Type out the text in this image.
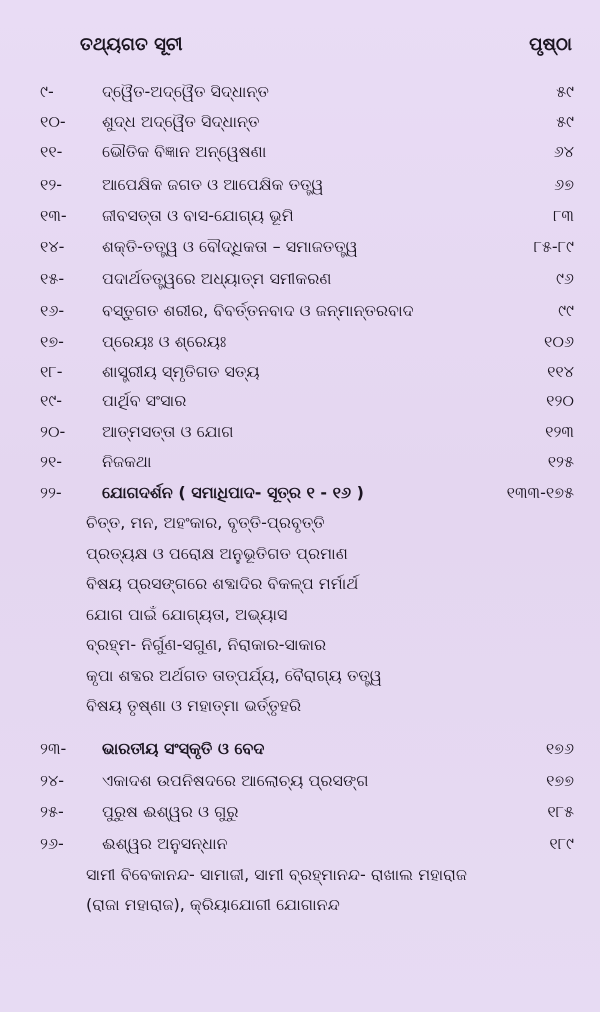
ତଥ୍ୟଗତ ସୂଚୀ	ପୃଷ୍ଠା
୯-	ଦ୍ୱୈତ-ଅଦ୍ୱୈତ ସିଦ୍ଧାନ୍ତ	୫୯
୧୦-	ଶୁଦ୍ଧ ଅଦ୍ୱୈତ ସିଦ୍ଧାନ୍ତ	୫୯
୧୧-	ଭୌତିକ ବିଜ୍ଞାନ ଅନ୍ୱେଷଣା	୬୪
୧୨-	ଆପେକ୍ଷିକ ଜଗତ ଓ ଆପେକ୍ଷିକ ତତ୍ତ୍ୱ	୬୭
୧୩-	ଜୀବସତ୍ତା ଓ ବାସ-ଯୋଗ୍ୟ ଭୂମି	୮୩
୧୪-	ଶକ୍ତି-ତତ୍ତ୍ୱ ଓ ବୌଦ୍ଧିକତା – ସମାଜତତ୍ତ୍ୱ	୮୫-୮୯
୧୫-	ପଦାର୍ଥତତ୍ତ୍ୱରେ ଅଧ୍ୟାତ୍ମ ସମୀକରଣ	୯୬
୧୬-	ବସ୍ତୁଗତ ଶରୀର, ବିବର୍ତ୍ତନବାଦ ଓ ଜନ୍ମାନ୍ତରବାଦ	୯୯
୧୭-	ପ୍ରେୟଃ ଓ ଶ୍ରେୟଃ	୧୦୬
୧୮-	ଶାସ୍ତ୍ରୀୟ ସ୍ମୃତିଗତ ସତ୍ୟ	୧୧୪
୧୯-	ପାର୍ଥିବ ସଂସାର	୧୨୦
୨୦-	ଆତ୍ମସତ୍ତା ଓ ଯୋଗ	୧୨୩
୨୧-	ନିଜକଥା	୧୨୫
୨୨-	ଯୋଗଦର୍ଶନ ( ସମାଧିପାଦ- ସୂତ୍ର ୧ - ୧୬ )	୧୩୩-୧୭୫
ଚିତ୍ତ, ମନ, ଅହଂକାର, ବୃତ୍ତି-ପ୍ରବୃତ୍ତି
ପ୍ରତ୍ୟକ୍ଷ ଓ ପରୋକ୍ଷ ଅନୁଭୂତିଗତ ପ୍ରମାଣ
ବିଷୟ ପ୍ରସଙ୍ଗରେ ଶବ୍ଦାଦିର ବିକଳ୍ପ ମର୍ମାର୍ଥ
ଯୋଗ ପାଇଁ ଯୋଗ୍ୟତା, ଅଭ୍ୟାସ
ବ୍ରହ୍ମ- ନିର୍ଗୁଣ-ସଗୁଣ, ନିରାକାର-ସାକାର
କୃପା ଶବ୍ଦର ଅର୍ଥଗତ ତାତ୍ପର୍ଯ୍ୟ, ବୈରାଗ୍ୟ ତତ୍ତ୍ୱ
ବିଷୟ ତୃଷ୍ଣା ଓ ମହାତ୍ମା ଭର୍ତ୍ତୃହରି
୨୩-	ଭାରତୀୟ ସଂସ୍କୃତି ଓ ବେଦ	୧୭୬
୨୪-	ଏକାଦଶ ଉପନିଷଦରେ ଆଲୋଚ୍ୟ ପ୍ରସଙ୍ଗ	୧୭୭
୨୫-	ପୁରୁଷ ଈଶ୍ୱର ଓ ଗୁରୁ	୧୮୫
୨୬-	ଈଶ୍ୱର ଅନୁସନ୍ଧାନ	୧୮୯
ସାମୀ ବିବେକାନନ୍ଦ- ସାମାଜୀ, ସାମୀ ବ୍ରହ୍ମାନନ୍ଦ- ରାଖାଲ ମହାରାଜ
(ରାଜା ମହାରାଜ), କ୍ରିୟାଯୋଗୀ ଯୋଗାନନ୍ଦ
